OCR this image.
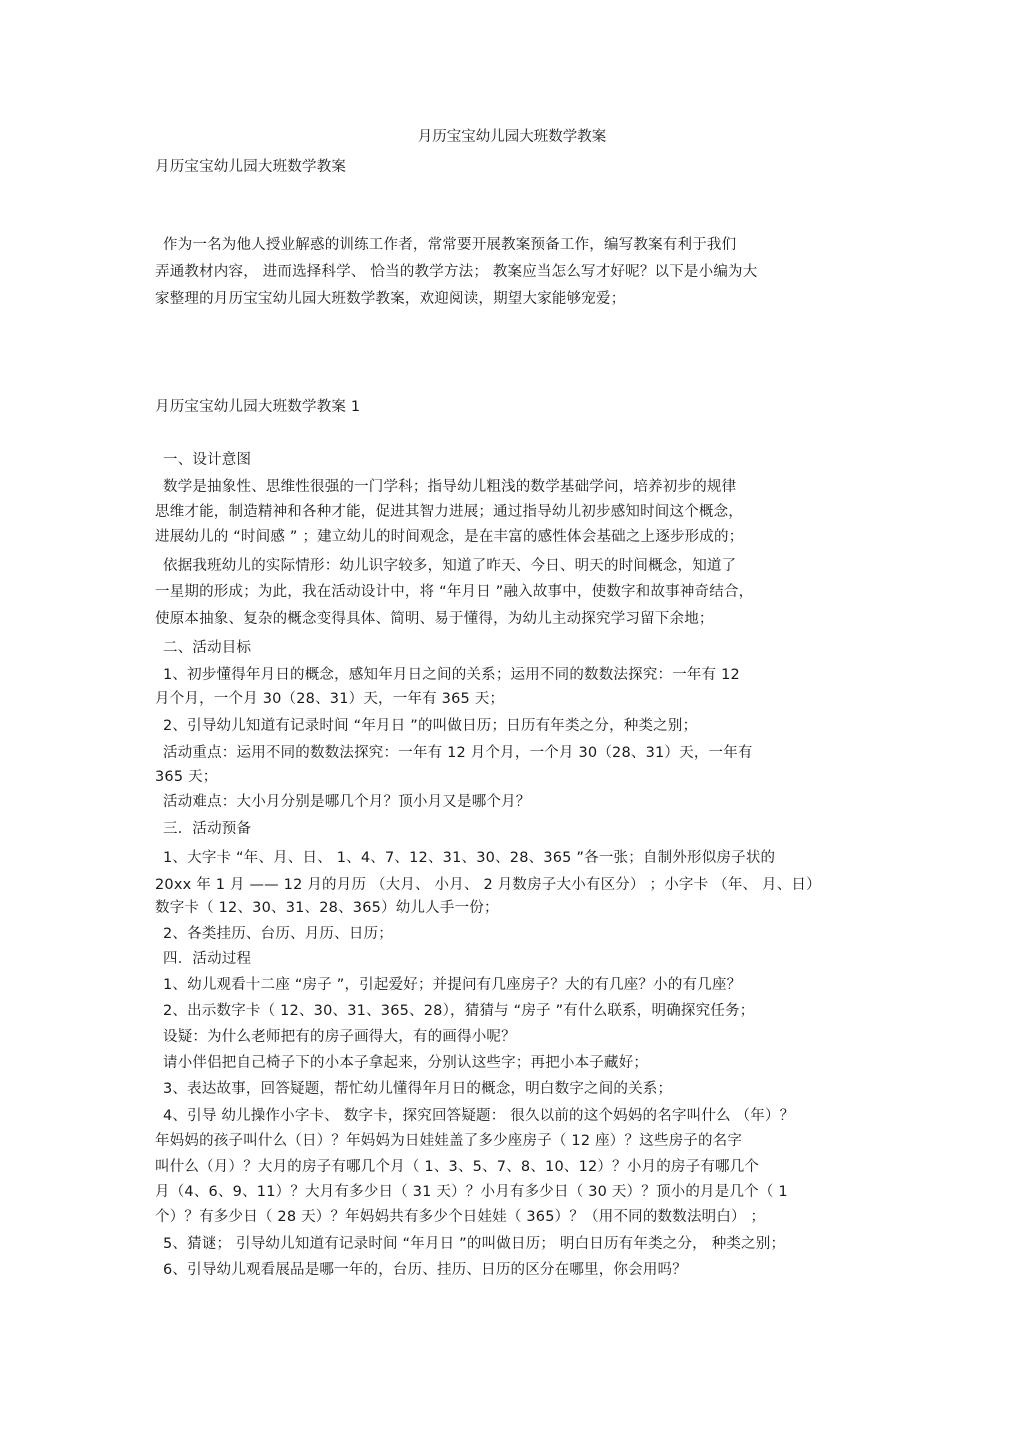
月历宝宝幼儿园大班数学教案
月历宝宝幼儿园大班数学教案
作为一名为他人授业解惑的训练工作者，常常要开展教案预备工作，编写教案有利于我们
弄通教材内容， 进而选择科学、 恰当的教学方法； 教案应当怎么写才好呢？以下是小编为大
家整理的月历宝宝幼儿园大班数学教案，欢迎阅读，期望大家能够宠爱；
月历宝宝幼儿园大班数学教案 1
一、设计意图
数学是抽象性、思维性很强的一门学科；指导幼儿粗浅的数学基础学问，培养初步的规律
思维才能，制造精神和各种才能，促进其智力进展；通过指导幼儿初步感知时间这个概念，
进展幼儿的 “时间感 ” ；建立幼儿的时间观念，是在丰富的感性体会基础之上逐步形成的；
依据我班幼儿的实际情形：幼儿识字较多，知道了昨天、今日、明天的时间概念，知道了
一星期的形成；为此，我在活动设计中，将 “年月日 ”融入故事中，使数字和故事神奇结合，
使原本抽象、复杂的概念变得具体、简明、易于懂得，为幼儿主动探究学习留下余地；
二、活动目标
1、初步懂得年月日的概念，感知年月日之间的关系；运用不同的数数法探究：一年有 12
月个月，一个月 30（28、31）天，一年有 365 天；
2、引导幼儿知道有记录时间 “年月日 ”的叫做日历；日历有年类之分，种类之别；
活动重点：运用不同的数数法探究：一年有 12 月个月，一个月 30（28、31）天，一年有
365 天；
活动难点：大小月分别是哪几个月？顶小月又是哪个月？
三．活动预备
1、大字卡 “年、月、日、 1、4、7、12、31、30、28、365 ”各一张；自制外形似房子状的
20xx 年 1 月 —— 12 月的月历 （大月、 小月、 2 月数房子大小有区分） ；小字卡 （年、 月、日）
数字卡（ 12、30、31、28、365）幼儿人手一份；
2、各类挂历、台历、月历、日历；
四．活动过程
1、幼儿观看十二座 “房子 ”，引起爱好；并提问有几座房子？大的有几座？小的有几座？
2、出示数字卡（ 12、30、31、365、28），猜猜与 “房子 ”有什么联系，明确探究任务；
设疑：为什么老师把有的房子画得大，有的画得小呢？
请小伴侣把自己椅子下的小本子拿起来，分别认这些字；再把小本子藏好；
3、表达故事，回答疑题，帮忙幼儿懂得年月日的概念，明白数字之间的关系；
4、引导 幼儿操作小字卡、 数字卡，探究回答疑题： 很久以前的这个妈妈的名字叫什么 （年）？
年妈妈的孩子叫什么（日）？年妈妈为日娃娃盖了多少座房子（ 12 座）？这些房子的名字
叫什么（月）？大月的房子有哪几个月（ 1、3、5、7、8、10、12）？小月的房子有哪几个
月（4、6、9、11）？大月有多少日（ 31 天）？小月有多少日（ 30 天）？顶小的月是几个（ 1
个）？有多少日（ 28 天）？年妈妈共有多少个日娃娃（ 365）？（用不同的数数法明白） ；
5、猜谜； 引导幼儿知道有记录时间 “年月日 ”的叫做日历； 明白日历有年类之分， 种类之别；
6、引导幼儿观看展品是哪一年的，台历、挂历、日历的区分在哪里，你会用吗？
